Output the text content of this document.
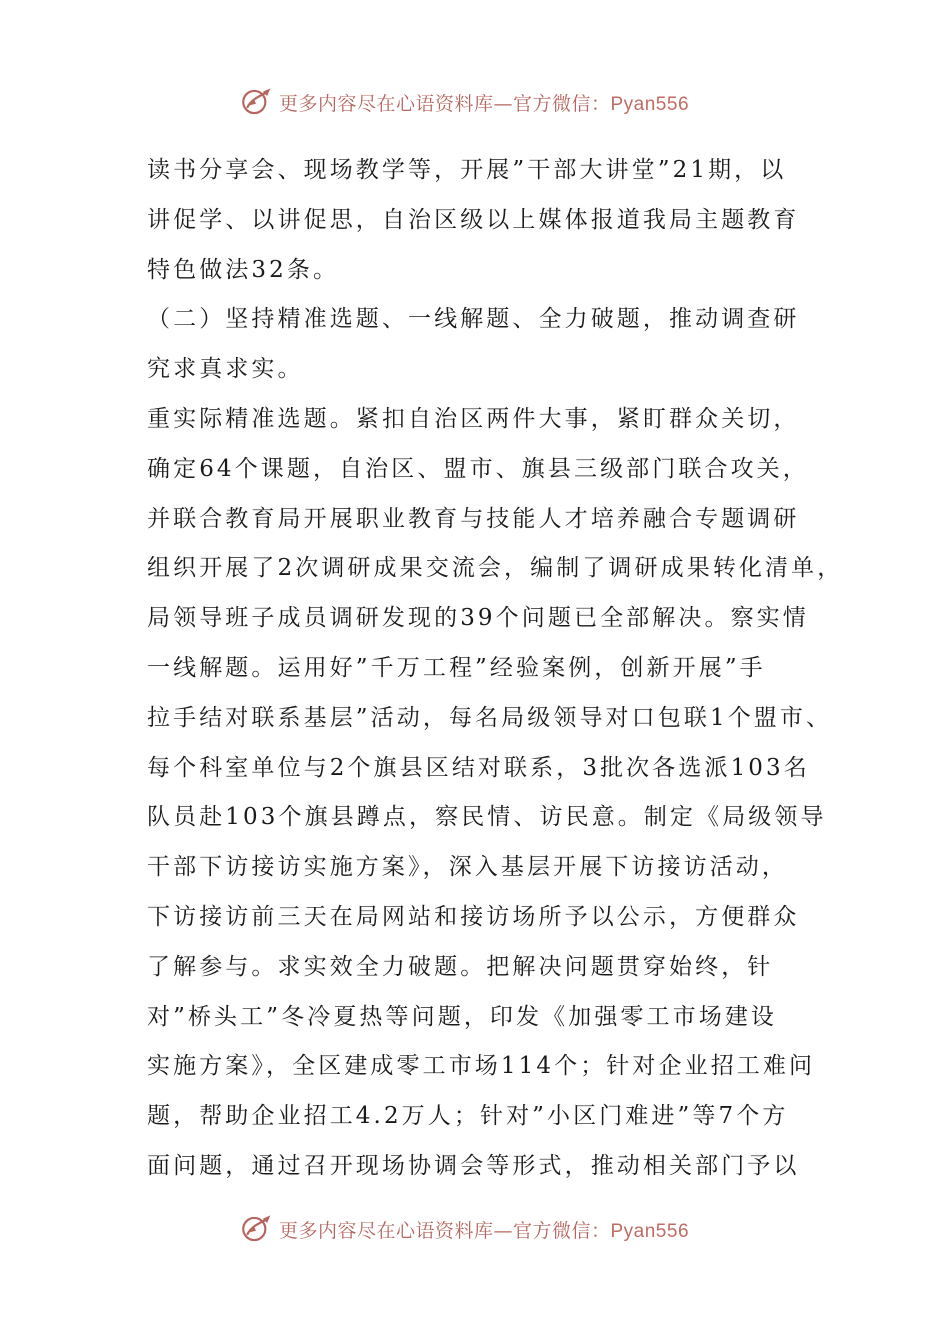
更多内容尽在心语资料库—官方微信：Pyan556
读书分享会、现场教学等，开展”干部大讲堂”21期，以
讲促学、以讲促思，自治区级以上媒体报道我局主题教育
特色做法32条。
（二）坚持精准选题、一线解题、全力破题，推动调查研
究求真求实。
重实际精准选题。紧扣自治区两件大事，紧盯群众关切，
确定64个课题，自治区、盟市、旗县三级部门联合攻关，
并联合教育局开展职业教育与技能人才培养融合专题调研
组织开展了2次调研成果交流会，编制了调研成果转化清单，
局领导班子成员调研发现的39个问题已全部解决。察实情
一线解题。运用好”千万工程”经验案例，创新开展”手
拉手结对联系基层”活动，每名局级领导对口包联1个盟市、
每个科室单位与2个旗县区结对联系，3批次各选派103名
队员赴103个旗县蹲点，察民情、访民意。制定《局级领导
干部下访接访实施方案》，深入基层开展下访接访活动，
下访接访前三天在局网站和接访场所予以公示，方便群众
了解参与。求实效全力破题。把解决问题贯穿始终，针
对”桥头工”冬冷夏热等问题，印发《加强零工市场建设
实施方案》，全区建成零工市场114个；针对企业招工难问
题，帮助企业招工4.2万人；针对”小区门难进”等7个方
面问题，通过召开现场协调会等形式，推动相关部门予以
更多内容尽在心语资料库—官方微信：Pyan556
